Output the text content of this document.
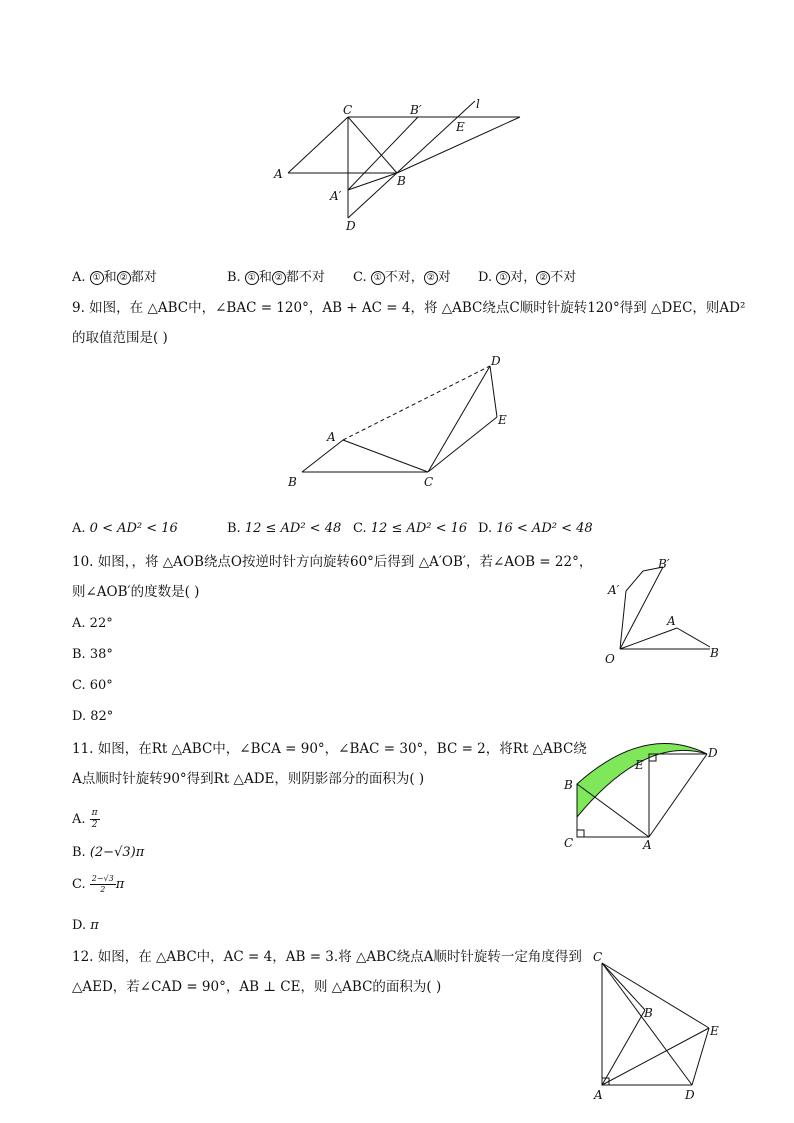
C	B′	l
E
A	B
A′
D
A. ① 和 ② 都对	B. ① 和 ② 都不对 C. ① 不对， ② 对 D. ① 对， ② 不对
9. 如图，在 △ABC中，∠BAC = 120°，AB + AC = 4，将 △ABC绕点C顺时针旋转120°得到 △DEC，则AD²
的取值范围是( )
A
B	C
D
E
A. 0 < AD² < 16	B. 12 ≤ AD² < 48 C. 12 ≤ AD² < 16 D. 16 < AD² < 48
10. 如图，，将 △AOB绕点O按逆时针方向旋转60°后得到 △A′OB′，若∠AOB = 22°，
则∠AOB′的度数是( )	A′
B′
A
O	B
A. 22°
B. 38°
C. 60°
D. 82°
11. 如图，在Rt △ABC中，∠BCA = 90°，∠BAC = 30°，BC = 2，将Rt △ABC绕
A点顺时针旋转90°得到Rt △ADE，则阴影部分的面积为( )	B
E
D
C	A
A. $\frac{\pi}{2}$
B. (2−√3)π
C. $\frac{2-√3}{2}$ π
D. π
12. 如图，在 △ABC中，AC = 4，AB = 3.将 △ABC绕点A顺时针旋转一定角度得到
△AED，若∠CAD = 90°，AB ⊥ CE，则 △ABC的面积为( )
C
B
E
A	D
